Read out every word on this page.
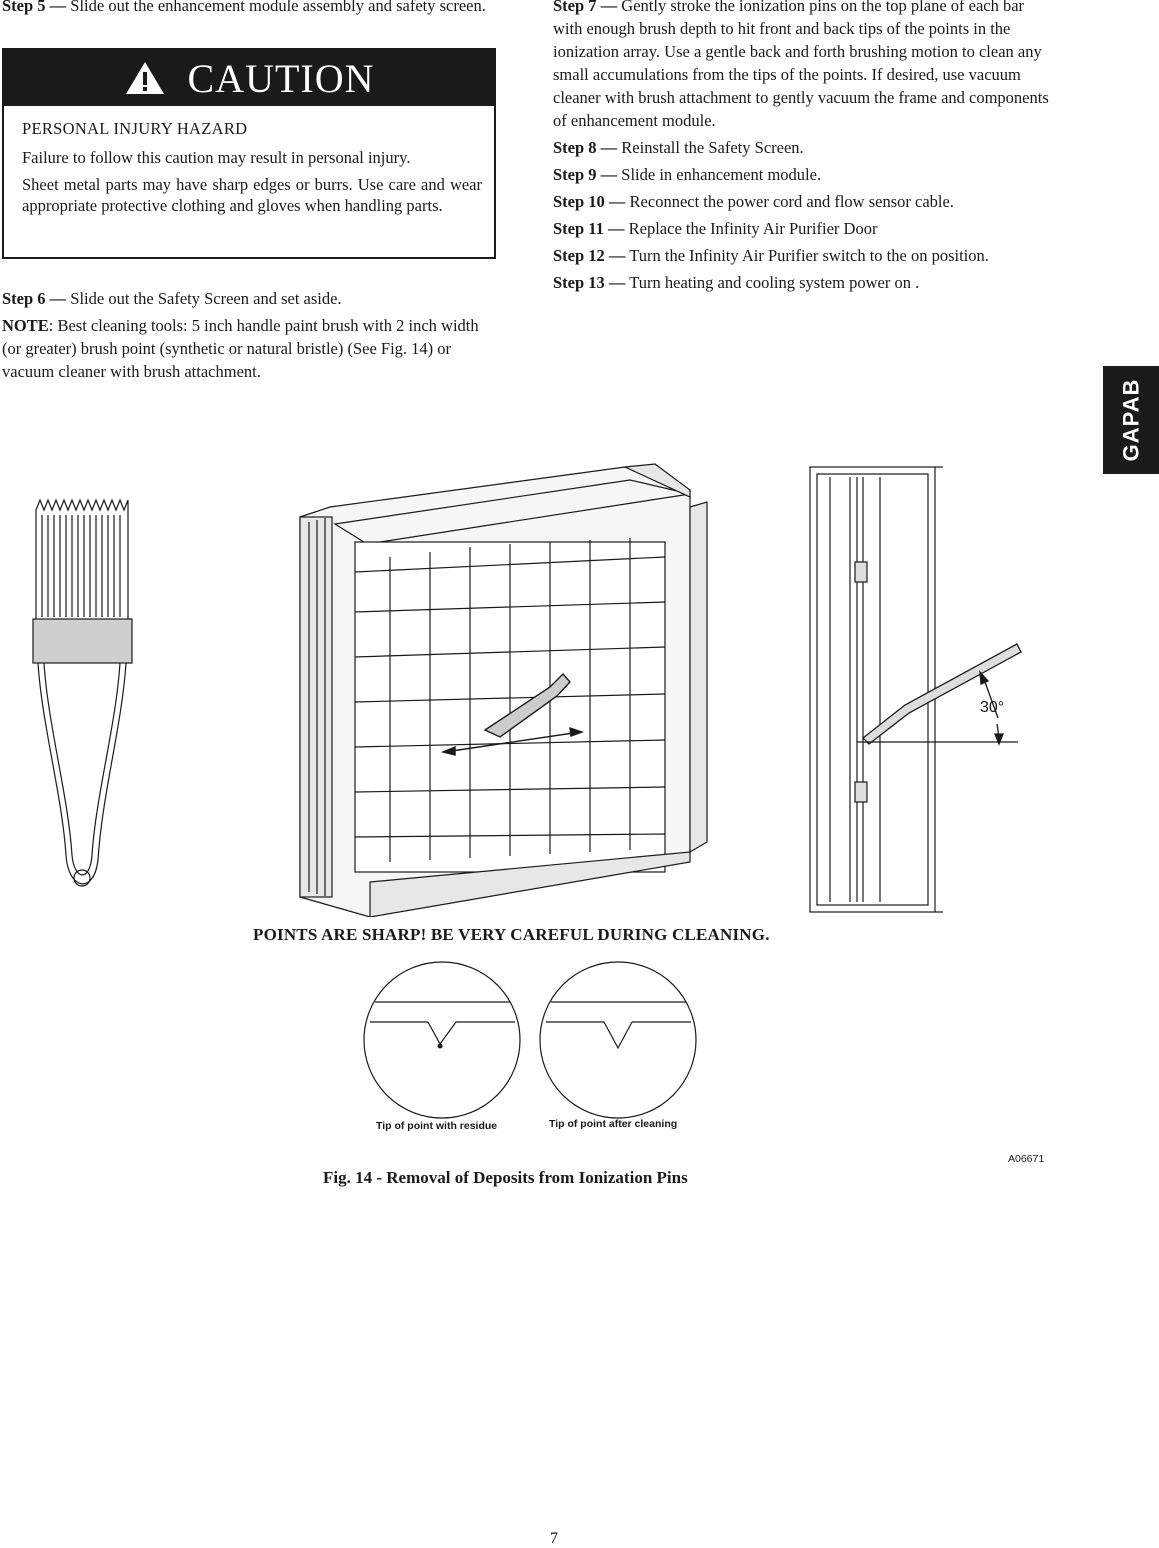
Step 5 — Slide out the enhancement module assembly and safety screen.

CAUTION

PERSONAL INJURY HAZARD

Failure to follow this caution may result in personal injury.

Sheet metal parts may have sharp edges or burrs. Use care and wear appropriate protective clothing and gloves when handling parts.

Step 6 — Slide out the Safety Screen and set aside.

NOTE: Best cleaning tools: 5 inch handle paint brush with 2 inch width (or greater) brush point (synthetic or natural bristle) (See Fig. 14) or vacuum cleaner with brush attachment.

Step 7 — Gently stroke the ionization pins on the top plane of each bar with enough brush depth to hit front and back tips of the points in the ionization array. Use a gentle back and forth brushing motion to clean any small accumulations from the tips of the points. If desired, use vacuum cleaner with brush attachment to gently vacuum the frame and components of enhancement module.

Step 8 — Reinstall the Safety Screen.

Step 9 — Slide in enhancement module.

Step 10 — Reconnect the power cord and flow sensor cable.

Step 11 — Replace the Infinity Air Purifier Door

Step 12 — Turn the Infinity Air Purifier switch to the on position.

Step 13 — Turn heating and cooling system power on .

GAPAB
30°
POINTS ARE SHARP! BE VERY CAREFUL DURING CLEANING.
Tip of point with residue	Tip of point after cleaning
A06671
Fig. 14 - Removal of Deposits from Ionization Pins
7
